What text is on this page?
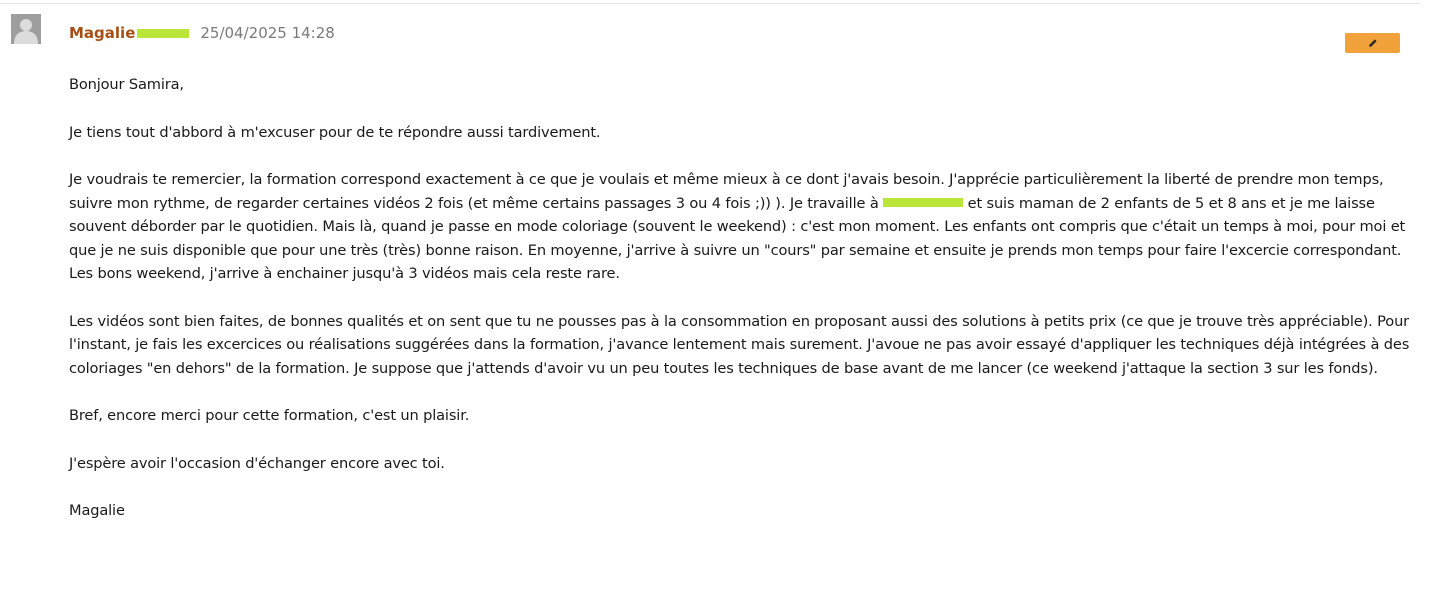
Magalie	25/04/2025 14:28

Bonjour Samira,

Je tiens tout d'abbord à m'excuser pour de te répondre aussi tardivement.

Je voudrais te remercier, la formation correspond exactement à ce que je voulais et même mieux à ce dont j'avais besoin. J'apprécie particulièrement la liberté de prendre mon temps, suivre mon rythme, de regarder certaines vidéos 2 fois (et même certains passages 3 ou 4 fois ;)) ). Je travaille à	et suis maman de 2 enfants de 5 et 8 ans et je me laisse souvent déborder par le quotidien. Mais là, quand je passe en mode coloriage (souvent le weekend) : c'est mon moment. Les enfants ont compris que c'était un temps à moi, pour moi et que je ne suis disponible que pour une très (très) bonne raison. En moyenne, j'arrive à suivre un "cours" par semaine et ensuite je prends mon temps pour faire l'excercie correspondant. Les bons weekend, j'arrive à enchainer jusqu'à 3 vidéos mais cela reste rare.

Les vidéos sont bien faites, de bonnes qualités et on sent que tu ne pousses pas à la consommation en proposant aussi des solutions à petits prix (ce que je trouve très appréciable). Pour l'instant, je fais les excercices ou réalisations suggérées dans la formation, j'avance lentement mais surement. J'avoue ne pas avoir essayé d'appliquer les techniques déjà intégrées à des coloriages "en dehors" de la formation. Je suppose que j'attends d'avoir vu un peu toutes les techniques de base avant de me lancer (ce weekend j'attaque la section 3 sur les fonds).

Bref, encore merci pour cette formation, c'est un plaisir.

J'espère avoir l'occasion d'échanger encore avec toi.

Magalie
